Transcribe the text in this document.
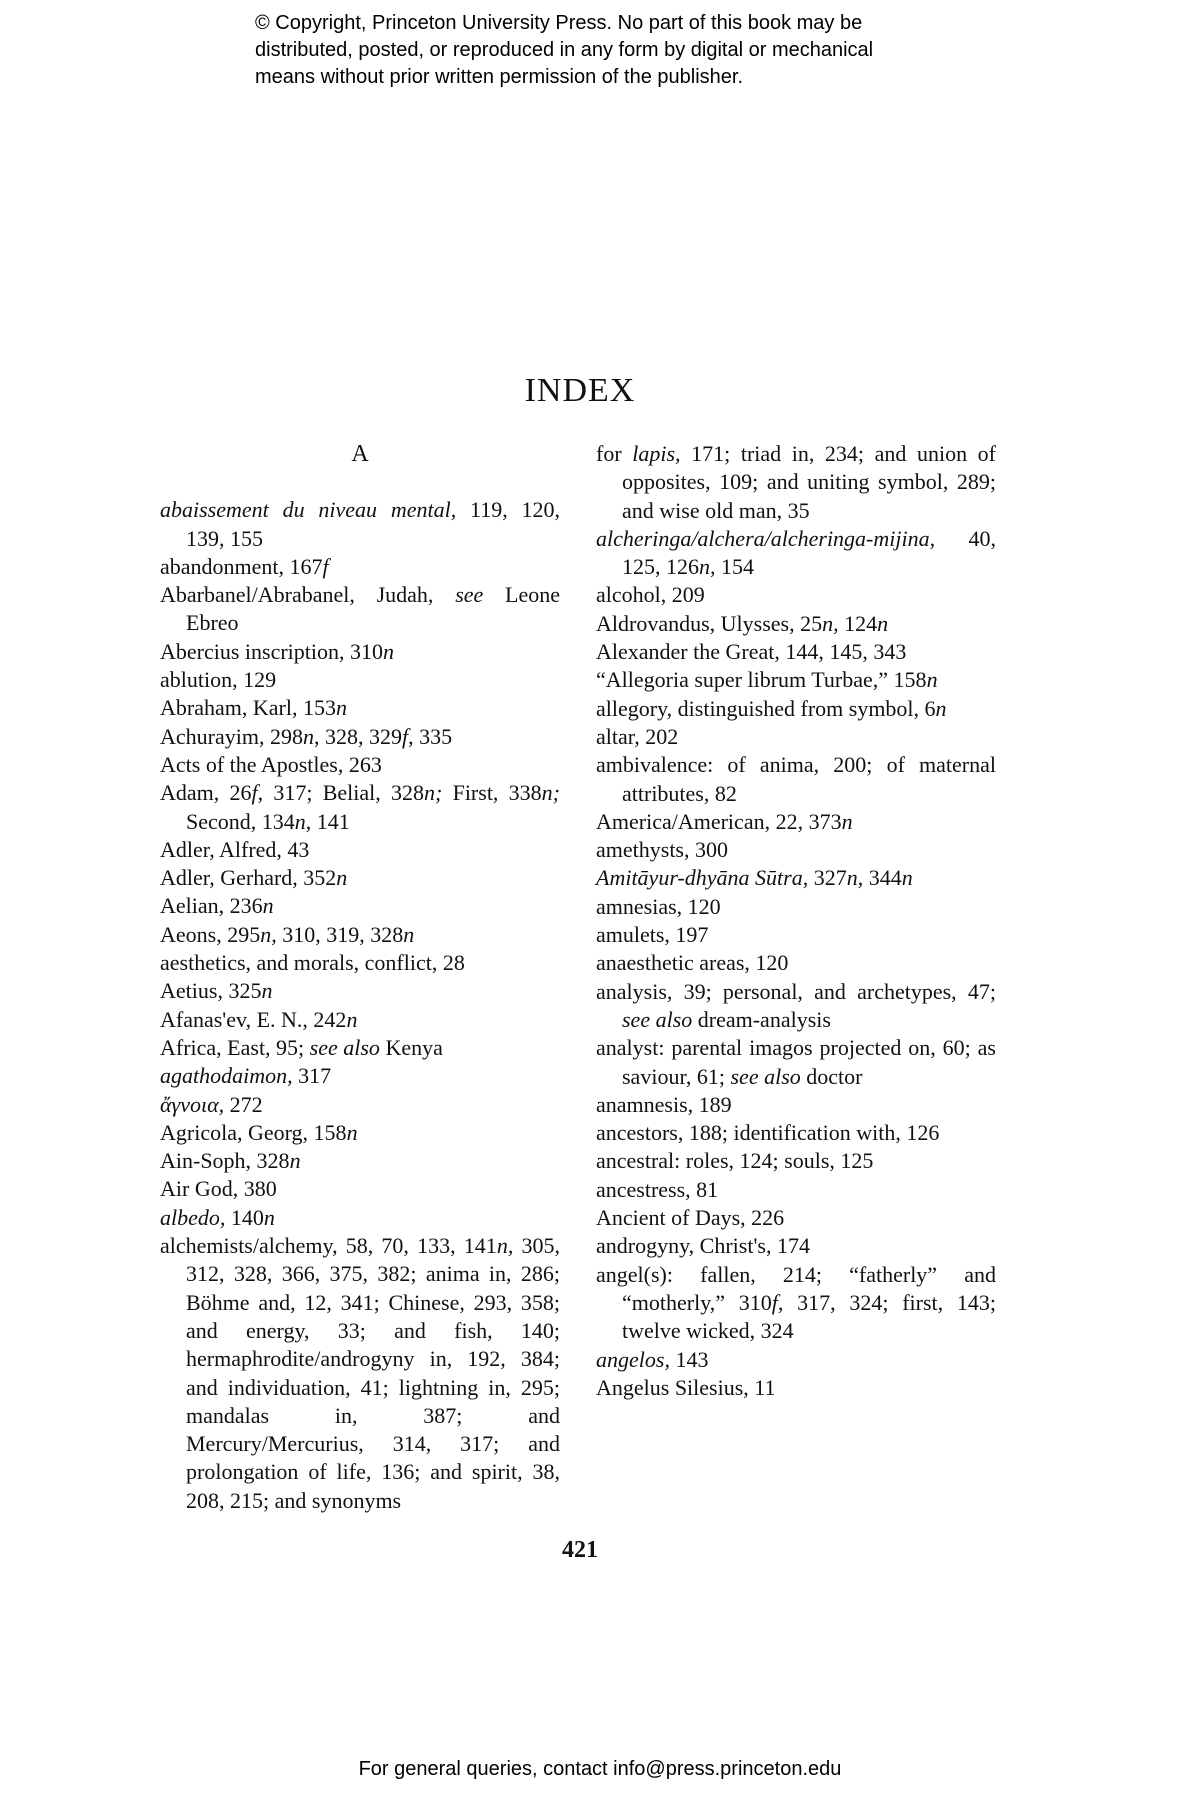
© Copyright, Princeton University Press. No part of this book may be
distributed, posted, or reproduced in any form by digital or mechanical
means without prior written permission of the publisher.
INDEX
A

abaissement du niveau mental, 119, 120, 139, 155

abandonment, 167f

Abarbanel/Abrabanel, Judah, see Leone Ebreo

Abercius inscription, 310n

ablution, 129

Abraham, Karl, 153n

Achurayim, 298n, 328, 329f, 335

Acts of the Apostles, 263

Adam, 26f, 317; Belial, 328n; First, 338n; Second, 134n, 141

Adler, Alfred, 43

Adler, Gerhard, 352n

Aelian, 236n

Aeons, 295n, 310, 319, 328n

aesthetics, and morals, conflict, 28

Aetius, 325n

Afanas'ev, E. N., 242n

Africa, East, 95; see also Kenya

agathodaimon, 317

ἄγνοια, 272

Agricola, Georg, 158n

Ain-Soph, 328n

Air God, 380

albedo, 140n

alchemists/alchemy, 58, 70, 133, 141n, 305, 312, 328, 366, 375, 382; anima in, 286; Böhme and, 12, 341; Chinese, 293, 358; and energy, 33; and fish, 140; hermaphrodite/androgyny in, 192, 384; and individuation, 41; lightning in, 295; mandalas in, 387; and Mercury/Mercurius, 314, 317; and prolongation of life, 136; and spirit, 38, 208, 215; and synonyms

for lapis, 171; triad in, 234; and union of opposites, 109; and uniting symbol, 289; and wise old man, 35

alcheringa/alchera/alcheringa-mijina, 40, 125, 126n, 154

alcohol, 209

Aldrovandus, Ulysses, 25n, 124n

Alexander the Great, 144, 145, 343

“Allegoria super librum Turbae,” 158n

allegory, distinguished from symbol, 6n

altar, 202

ambivalence: of anima, 200; of maternal attributes, 82

America/American, 22, 373n

amethysts, 300

Amitāyur-dhyāna Sūtra, 327n, 344n

amnesias, 120

amulets, 197

anaesthetic areas, 120

analysis, 39; personal, and archetypes, 47; see also dream-analysis

analyst: parental imagos projected on, 60; as saviour, 61; see also doctor

anamnesis, 189

ancestors, 188; identification with, 126

ancestral: roles, 124; souls, 125

ancestress, 81

Ancient of Days, 226

androgyny, Christ's, 174

angel(s): fallen, 214; “fatherly” and “motherly,” 310f, 317, 324; first, 143; twelve wicked, 324

angelos, 143

Angelus Silesius, 11

421
For general queries, contact info@press.princeton.edu
